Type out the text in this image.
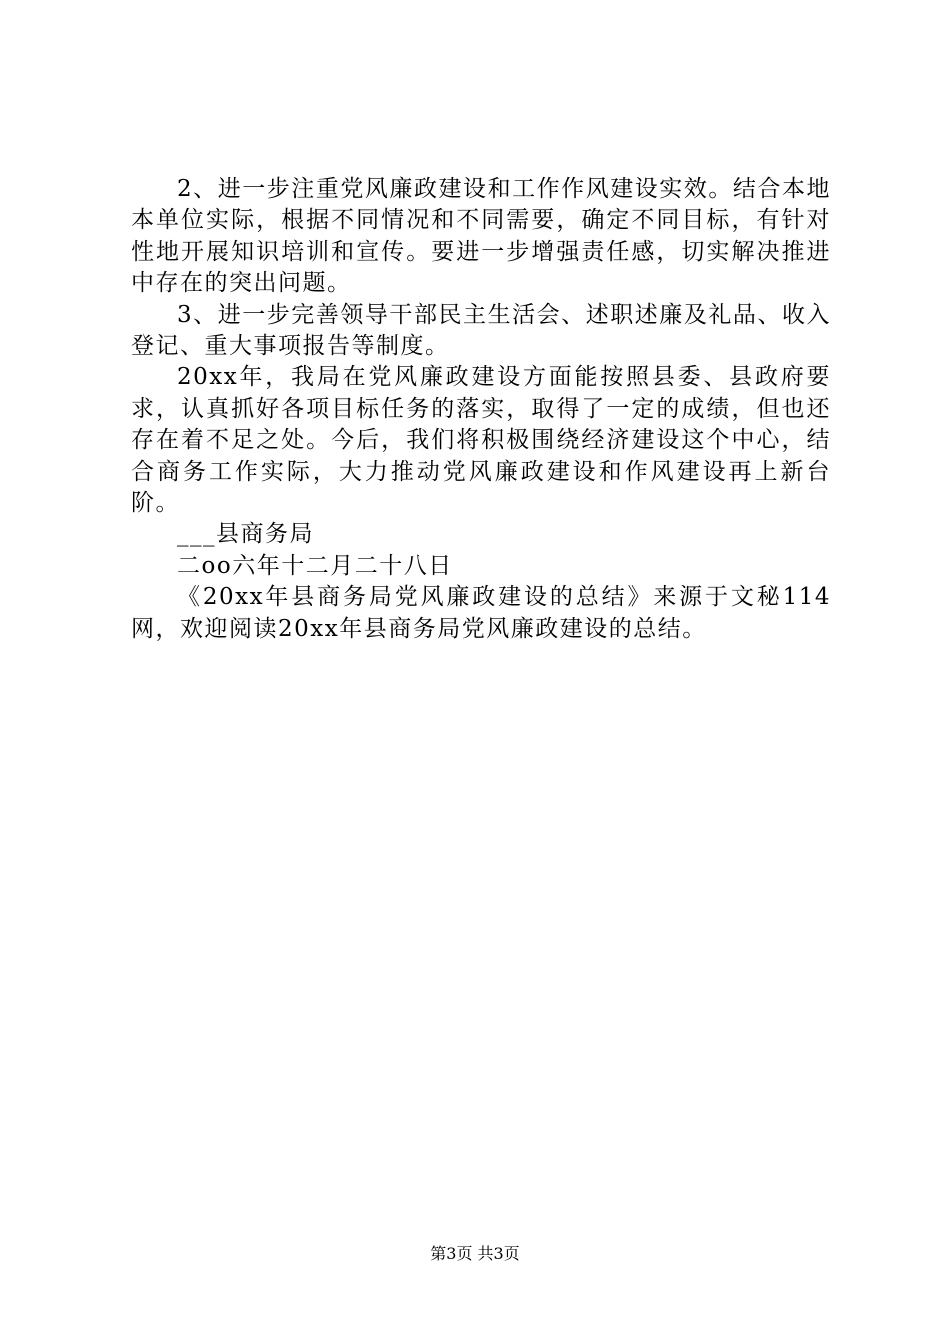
2、进一步注重党风廉政建设和工作作风建设实效。结合本地本单位实际，根据不同情况和不同需要，确定不同目标，有针对性地开展知识培训和宣传。要进一步增强责任感，切实解决推进中存在的突出问题。

3、进一步完善领导干部民主生活会、述职述廉及礼品、收入登记、重大事项报告等制度。

20xx年，我局在党风廉政建设方面能按照县委、县政府要求，认真抓好各项目标任务的落实，取得了一定的成绩，但也还存在着不足之处。今后，我们将积极围绕经济建设这个中心，结合商务工作实际，大力推动党风廉政建设和作风建设再上新台阶。

___县商务局

二oo六年十二月二十八日

《20xx年县商务局党风廉政建设的总结》来源于文秘114网，欢迎阅读20xx年县商务局党风廉政建设的总结。

第3页 共3页
